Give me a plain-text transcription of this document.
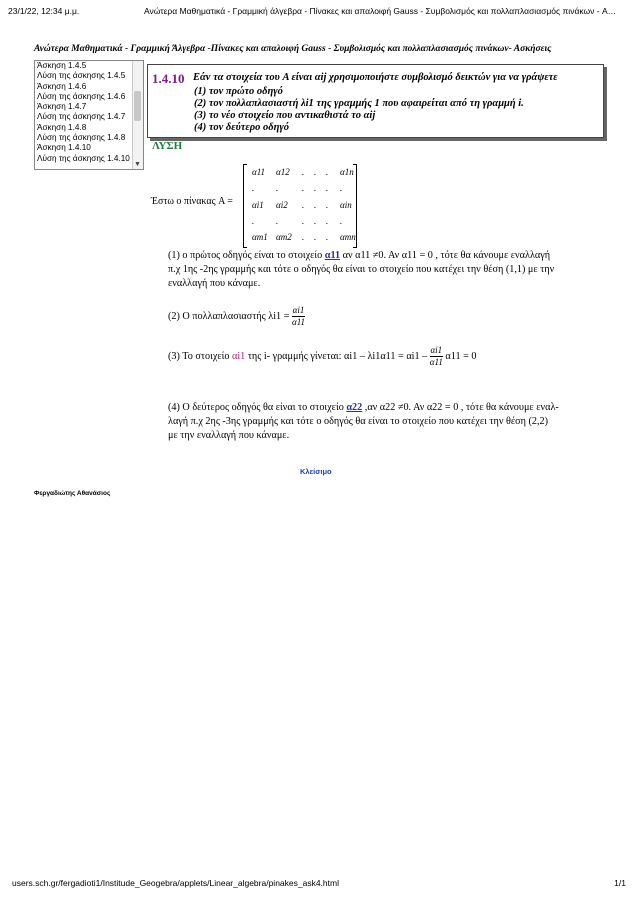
23/1/22, 12:34 μ.μ.	Ανώτερα Μαθηματικά - Γραμμική άλγεβρα - Πίνακες και απαλοιφή Gauss - Συμβολισμός και πολλαπλασιασμός πινάκων - A…
Ανώτερα Μαθηματικά - Γραμμική Άλγεβρα -Πίνακες και απαλοιφή Gauss - Συμβολισμός και πολλαπλασιασμός πινάκων- Ασκήσεις
Άσκηση 1.4.5
Λύση της άσκησης 1.4.5
Άσκηση 1.4.6
Λύση της άσκησης 1.4.6
Άσκηση 1.4.7
Λύση της άσκησης 1.4.7
Άσκηση 1.4.8
Λύση της άσκησης 1.4.8
Άσκηση 1.4.10
Λύση της άσκησης 1.4.10
▼
1.4.10 Εάν τα στοιχεία του A είναι αij χρησιμοποιήστε συμβολισμό δεικτών για να γράψετε
(1) τον πρώτο οδηγό
(2) τον πολλαπλασιαστή λi1 της γραμμής 1 που αφαιρείται από τη γραμμή i.
(3) το νέο στοιχείο που αντικαθιστά το αij
(4) τον δεύτερο οδηγό
ΛΥΣΗ
Έστω ο πίνακας A =
α11 α12 . . . α1n
. .	. . . .
αi1 αi2 . . . αin
. .	. . . .
αm1 αm2 . . . αmn
(1) ο πρώτος οδηγός είναι το στοιχείο α11 αν α11 ≠0. Αν α11 = 0 , τότε θα κάνουμε εναλλαγή
π.χ 1ης -2ης γραμμής και τότε ο οδηγός θα είναι το στοιχείο που κατέχει την θέση (1,1) με την
εναλλαγή που κάναμε.
(2) Ο πολλαπλασιαστής $\lambda i1 = \frac{\alpha i1}{\alpha 11}$
(3) Το στοιχείο αi1 της i- γραμμής γίνεται: $\alpha i1 - \lambda i1\alpha 11 = \alpha i1 - \frac{\alpha i1}{\alpha 11} \alpha 11 = 0$
(4) Ο δεύτερος οδηγός θα είναι το στοιχείο α22 ,αν α22 ≠0. Αν α22 = 0 , τότε θα κάνουμε εναλ-
λαγή π.χ 2ης -3ης γραμμής και τότε ο οδηγός θα είναι το στοιχείο που κατέχει την θέση (2,2)
με την εναλλαγή που κάναμε.
Κλείσιμο
Φεργαδιώτης Αθανάσιος
users.sch.gr/fergadioti1/Institude_Geogebra/applets/Linear_algebra/pinakes_ask4.html	1/1
